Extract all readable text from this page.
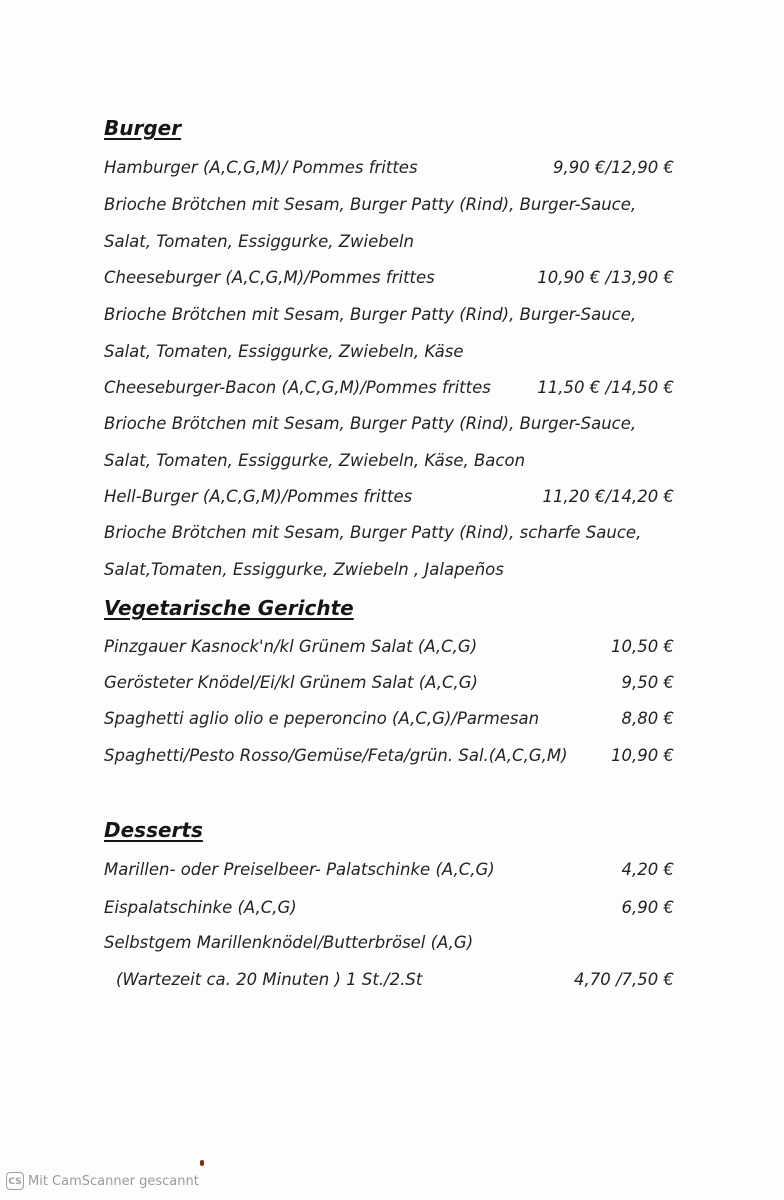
Burger
Hamburger (A,C,G,M)/ Pommes frittes	9,90 €/12,90 €
Brioche Brötchen mit Sesam, Burger Patty (Rind), Burger-Sauce,
Salat, Tomaten, Essiggurke, Zwiebeln
Cheeseburger (A,C,G,M)/Pommes frittes	10,90 € /13,90 €
Brioche Brötchen mit Sesam, Burger Patty (Rind), Burger-Sauce,
Salat, Tomaten, Essiggurke, Zwiebeln, Käse
Cheeseburger-Bacon (A,C,G,M)/Pommes frittes	11,50 € /14,50 €
Brioche Brötchen mit Sesam, Burger Patty (Rind), Burger-Sauce,
Salat, Tomaten, Essiggurke, Zwiebeln, Käse, Bacon
Hell-Burger (A,C,G,M)/Pommes frittes	11,20 €/14,20 €
Brioche Brötchen mit Sesam, Burger Patty (Rind), scharfe Sauce,
Salat,Tomaten, Essiggurke, Zwiebeln , Jalapeños
Vegetarische Gerichte
Pinzgauer Kasnock'n/kl Grünem Salat (A,C,G)	10,50 €
Gerösteter Knödel/Ei/kl Grünem Salat (A,C,G)	9,50 €
Spaghetti aglio olio e peperoncino (A,C,G)/Parmesan	8,80 €
Spaghetti/Pesto Rosso/Gemüse/Feta/grün. Sal.(A,C,G,M)	10,90 €
Desserts
Marillen- oder Preiselbeer- Palatschinke (A,C,G)	4,20 €
Eispalatschinke (A,C,G)	6,90 €
Selbstgem Marillenknödel/Butterbrösel (A,G)
(Wartezeit ca. 20 Minuten ) 1 St./2.St	4,70 /7,50 €
CS Mit CamScanner gescannt
